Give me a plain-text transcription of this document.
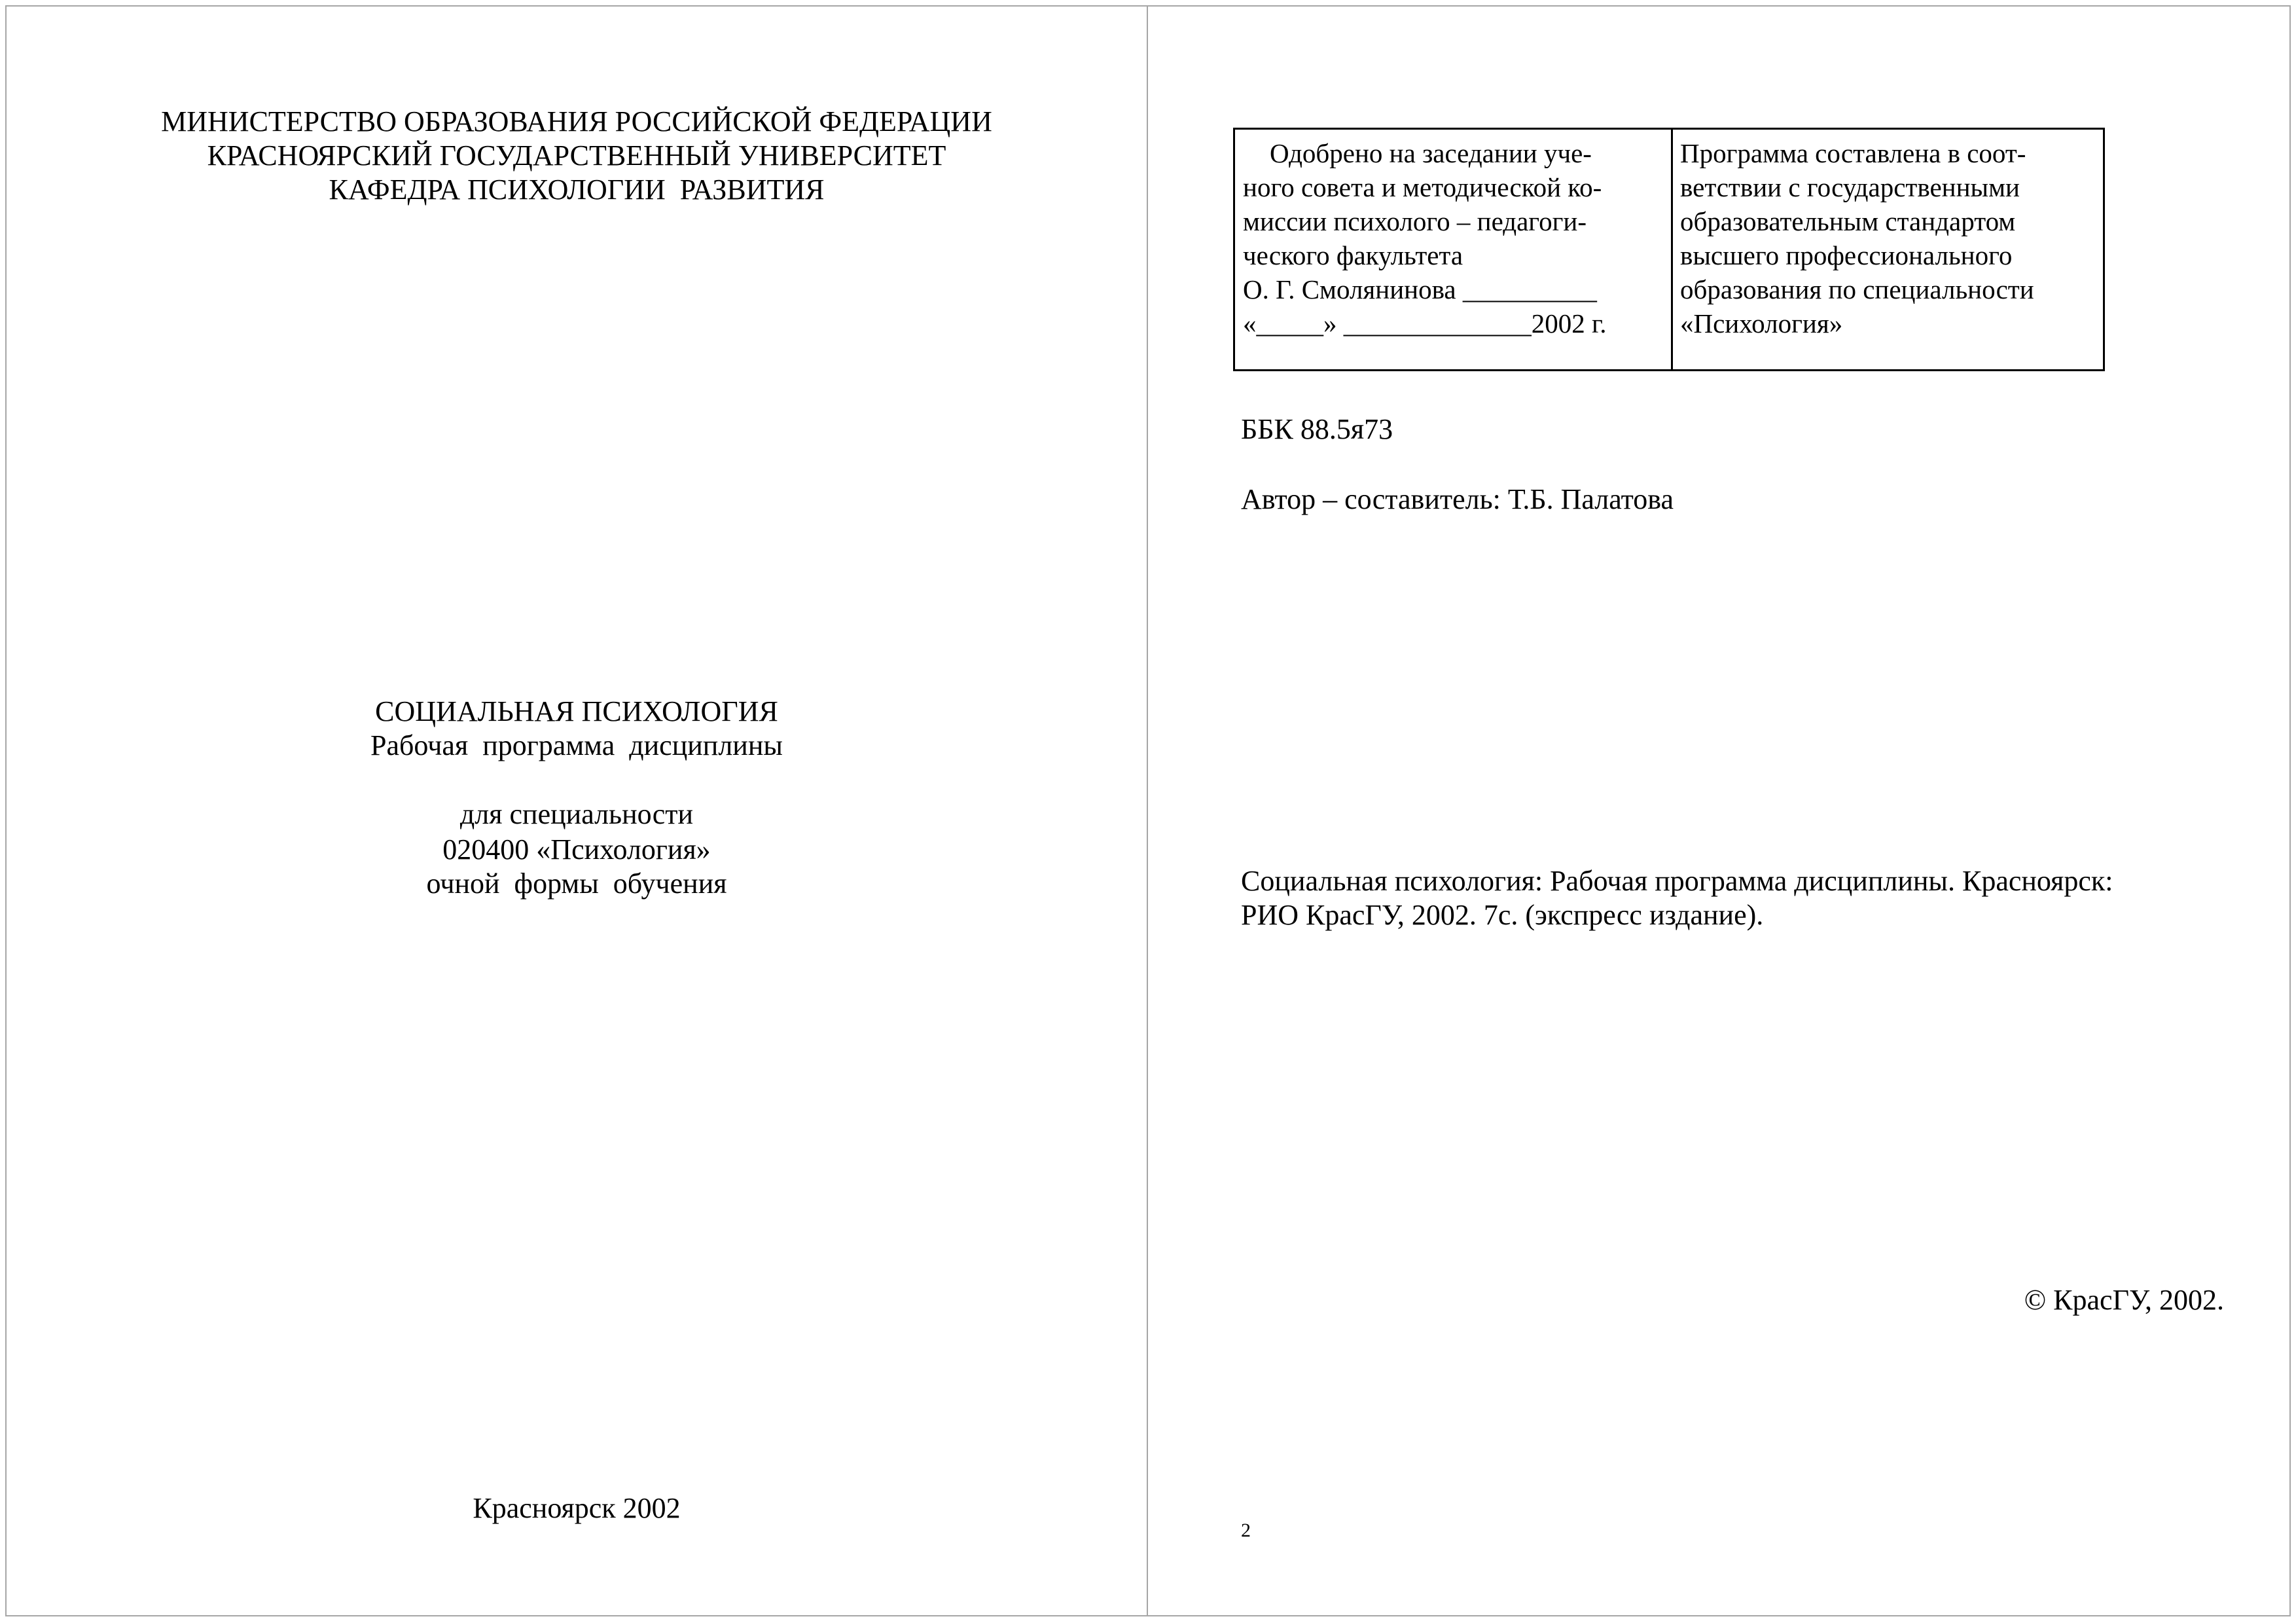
МИНИСТЕРСТВО ОБРАЗОВАНИЯ РОССИЙСКОЙ ФЕДЕРАЦИИ
КРАСНОЯРСКИЙ ГОСУДАРСТВЕННЫЙ УНИВЕРСИТЕТ
КАФЕДРА ПСИХОЛОГИИ  РАЗВИТИЯ
СОЦИАЛЬНАЯ ПСИХОЛОГИЯ
Рабочая  программа  дисциплины
для специальности
020400 «Психология»
очной  формы  обучения
Красноярск 2002
Одобрено на заседании уче-
ного совета и методической ко-
миссии психолого – педагоги-
ческого факультета
О. Г. Смолянинова __________
«_____» ______________2002 г.
Программа составлена в соот-
ветствии с государственными
образовательным стандартом
высшего профессионального
образования по специальности
«Психология»
ББК 88.5я73
Автор – составитель: Т.Б. Палатова
Социальная психология: Рабочая программа дисциплины. Красноярск:
РИО КрасГУ, 2002. 7с. (экспресс издание).
© КрасГУ, 2002.
2
